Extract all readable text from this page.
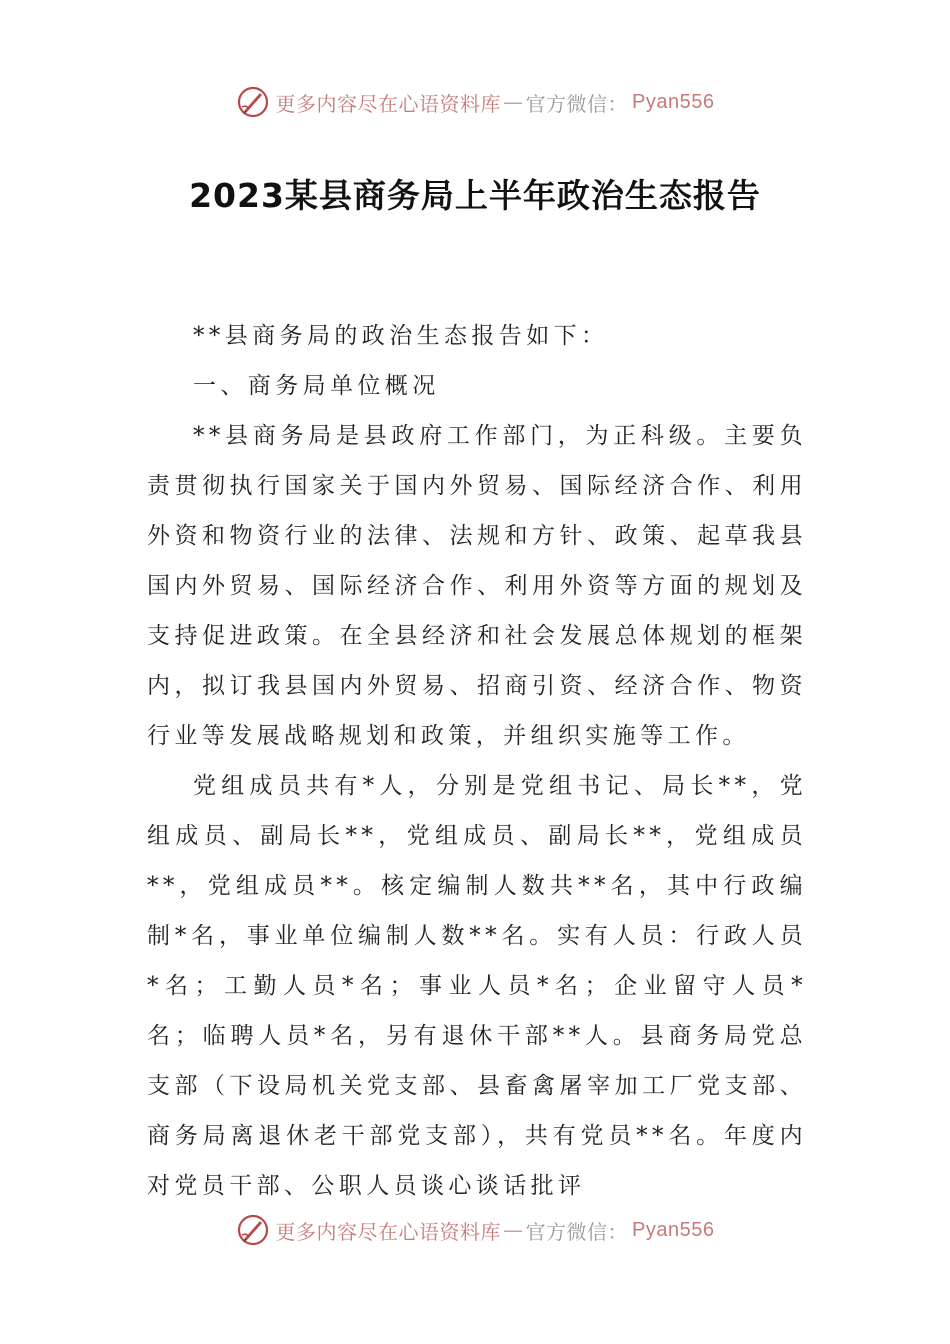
更多内容尽在心语资料库 — 官方微信： Pyan556
2023某县商务局上半年政治生态报告

**县商务局的政治生态报告如下：

一、商务局单位概况

**县商务局是县政府工作部门，为正科级。主要负责贯彻执行国家关于国内外贸易、国际经济合作、利用外资和物资行业的法律、法规和方针、政策、起草我县国内外贸易、国际经济合作、利用外资等方面的规划及支持促进政策。在全县经济和社会发展总体规划的框架内，拟订我县国内外贸易、招商引资、经济合作、物资行业等发展战略规划和政策，并组织实施等工作。

党组成员共有*人，分别是党组书记、局长**，党组成员、副局长**，党组成员、副局长**，党组成员**，党组成员**。核定编制人数共**名，其中行政编制*名，事业单位编制人数**名。实有人员：行政人员*名；工勤人员*名；事业人员*名；企业留守人员*名；临聘人员*名，另有退休干部**人。县商务局党总支部（下设局机关党支部、县畜禽屠宰加工厂党支部、商务局离退休老干部党支部），共有党员**名。年度内对党员干部、公职人员谈心谈话批评

更多内容尽在心语资料库 — 官方微信： Pyan556
